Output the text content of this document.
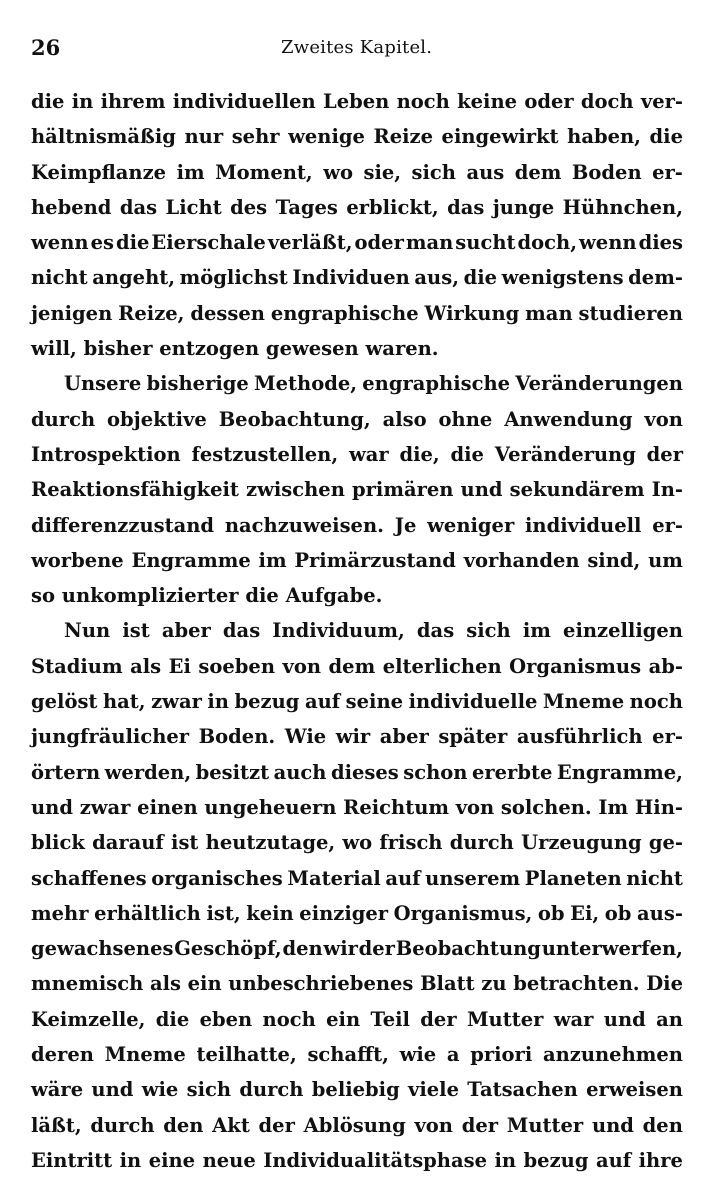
26	Zweites Kapitel.
die in ihrem individuellen Leben noch keine oder doch ver-
hältnismäßig nur sehr wenige Reize eingewirkt haben, die
Keimpflanze im Moment, wo sie, sich aus dem Boden er-
hebend das Licht des Tages erblickt, das junge Hühnchen,
wenn es die Eierschale verläßt, oder man sucht doch, wenn dies
nicht angeht, möglichst Individuen aus, die wenigstens dem-
jenigen Reize, dessen engraphische Wirkung man studieren
will, bisher entzogen gewesen waren.
Unsere bisherige Methode, engraphische Veränderungen
durch objektive Beobachtung, also ohne Anwendung von
Introspektion festzustellen, war die, die Veränderung der
Reaktionsfähigkeit zwischen primären und sekundärem In-
differenzzustand nachzuweisen. Je weniger individuell er-
worbene Engramme im Primärzustand vorhanden sind, um
so unkomplizierter die Aufgabe.
Nun ist aber das Individuum, das sich im einzelligen
Stadium als Ei soeben von dem elterlichen Organismus ab-
gelöst hat, zwar in bezug auf seine individuelle Mneme noch
jungfräulicher Boden. Wie wir aber später ausführlich er-
örtern werden, besitzt auch dieses schon ererbte Engramme,
und zwar einen ungeheuern Reichtum von solchen. Im Hin-
blick darauf ist heutzutage, wo frisch durch Urzeugung ge-
schaffenes organisches Material auf unserem Planeten nicht
mehr erhältlich ist, kein einziger Organismus, ob Ei, ob aus-
gewachsenes Geschöpf, den wir der Beobachtung unterwerfen,
mnemisch als ein unbeschriebenes Blatt zu betrachten. Die
Keimzelle, die eben noch ein Teil der Mutter war und an
deren Mneme teilhatte, schafft, wie a priori anzunehmen
wäre und wie sich durch beliebig viele Tatsachen erweisen
läßt, durch den Akt der Ablösung von der Mutter und den
Eintritt in eine neue Individualitätsphase in bezug auf ihre
